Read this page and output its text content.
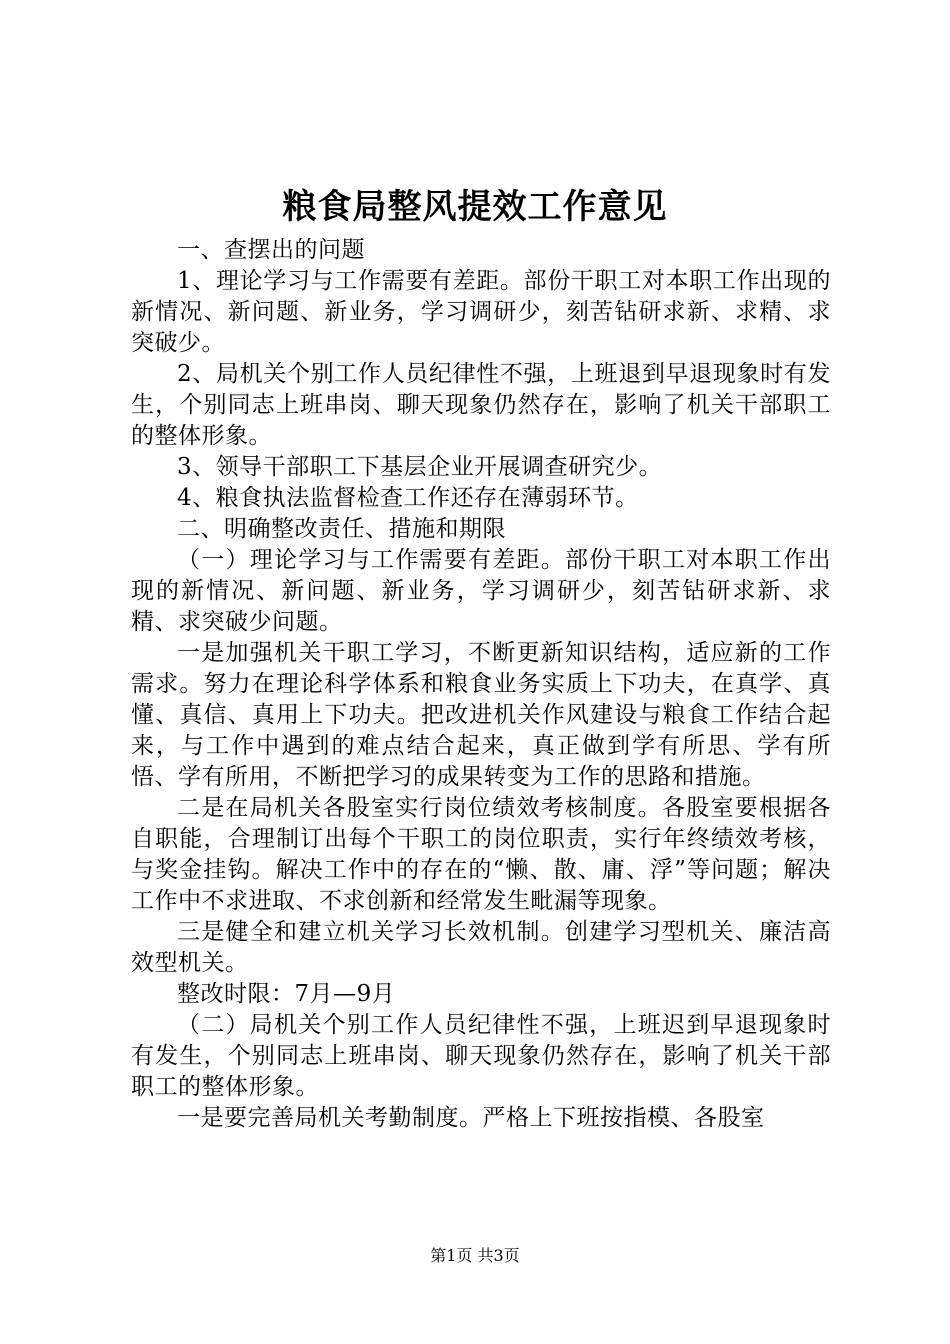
粮食局整风提效工作意见

一、查摆出的问题

1、理论学习与工作需要有差距。部份干职工对本职工作出现的新情况、新问题、新业务，学习调研少，刻苦钻研求新、求精、求突破少。

2、局机关个别工作人员纪律性不强，上班退到早退现象时有发生，个别同志上班串岗、聊天现象仍然存在，影响了机关干部职工的整体形象。

3、领导干部职工下基层企业开展调查研究少。

4、粮食执法监督检查工作还存在薄弱环节。

二、明确整改责任、措施和期限

（一）理论学习与工作需要有差距。部份干职工对本职工作出现的新情况、新问题、新业务，学习调研少，刻苦钻研求新、求精、求突破少问题。

一是加强机关干职工学习，不断更新知识结构，适应新的工作需求。努力在理论科学体系和粮食业务实质上下功夫，在真学、真懂、真信、真用上下功夫。把改进机关作风建设与粮食工作结合起来，与工作中遇到的难点结合起来，真正做到学有所思、学有所悟、学有所用，不断把学习的成果转变为工作的思路和措施。

二是在局机关各股室实行岗位绩效考核制度。各股室要根据各自职能，合理制订出每个干职工的岗位职责，实行年终绩效考核，与奖金挂钩。解决工作中的存在的“懒、散、庸、浮”等问题；解决工作中不求进取、不求创新和经常发生毗漏等现象。

三是健全和建立机关学习长效机制。创建学习型机关、廉洁高效型机关。

整改时限：7月—9月

（二）局机关个别工作人员纪律性不强，上班迟到早退现象时有发生，个别同志上班串岗、聊天现象仍然存在，影响了机关干部职工的整体形象。

一是要完善局机关考勤制度。严格上下班按指模、各股室

第1页 共3页
